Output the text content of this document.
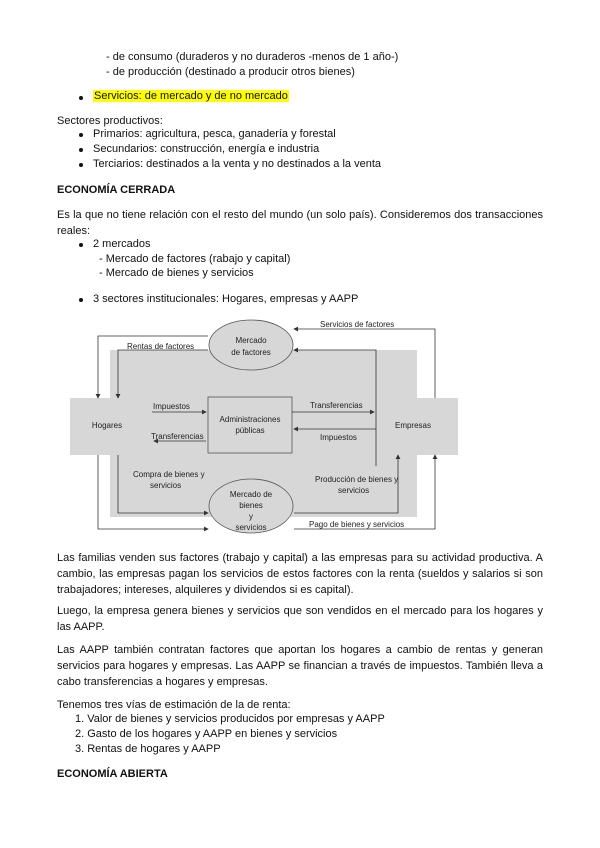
- de consumo (duraderos y no duraderos -menos de 1 año-)
- de producción (destinado a producir otros bienes)
Servicios: de mercado y de no mercado
Sectores productivos:
Primarios: agricultura, pesca, ganadería y forestal
Secundarios: construcción, energía e industria
Terciarios: destinados a la venta y no destinados a la venta
ECONOMÍA CERRADA
Es la que no tiene relación con el resto del mundo (un solo país). Consideremos dos transacciones reales:
2 mercados
- Mercado de factores (rabajo y capital)
- Mercado de bienes y servicios
3 sectores institucionales: Hogares, empresas y AAPP
Mercado
de factores
Mercado de
bienes
y
servicios
Hogares	Empresas
Administraciones
públicas
Rentas de factores
Servicios de factores
Impuestos
Transferencias
Transferencias
Impuestos
Compra de bienes y
servicios
Producción de bienes y
servicios
Pago de bienes y servicios
Las familias venden sus factores (trabajo y capital) a las empresas para su actividad productiva. A cambio, las empresas pagan los servicios de estos factores con la renta (sueldos y salarios si son trabajadores; intereses, alquileres y dividendos si es capital).
Luego, la empresa genera bienes y servicios que son vendidos en el mercado para los hogares y las AAPP.
Las AAPP también contratan factores que aportan los hogares a cambio de rentas y generan servicios para hogares y empresas. Las AAPP se financian a través de impuestos. También lleva a cabo transferencias a hogares y empresas.
Tenemos tres vías de estimación de la de renta:
1. Valor de bienes y servicios producidos por empresas y AAPP
2. Gasto de los hogares y AAPP en bienes y servicios
3. Rentas de hogares y AAPP
ECONOMÍA ABIERTA
